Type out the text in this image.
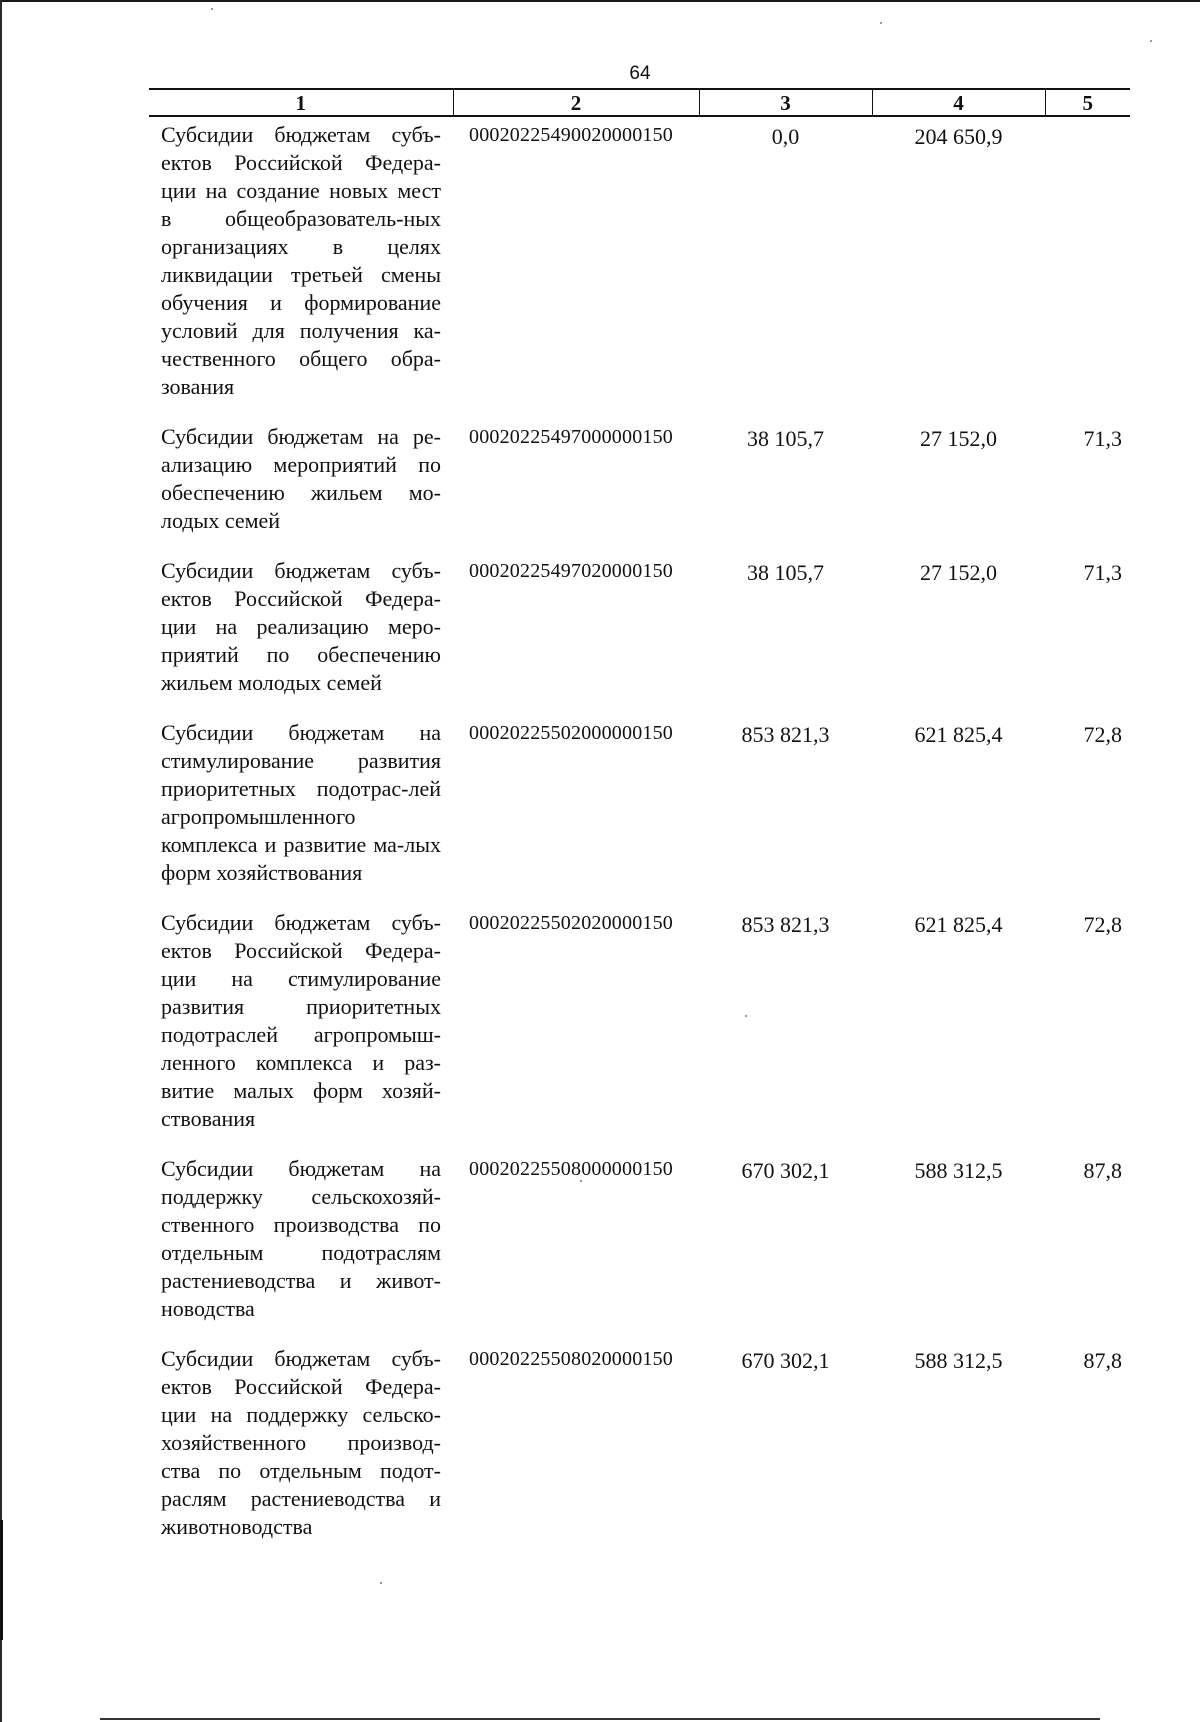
64
1	2	3	4	5
Субсидии бюджетам субъ-ектов Российской Федера-ции на создание новых мест в общеобразователь-ных организациях в целях ликвидации третьей смены обучения и формирование условий для получения ка-чественного общего обра-зования	00020225490020000150	0,0	204 650,9	

Субсидии бюджетам на ре-ализацию мероприятий по обеспечению жильем мо-лодых семей	00020225497000000150	38 105,7	27 152,0	71,3

Субсидии бюджетам субъ-ектов Российской Федера-ции на реализацию меро-приятий по обеспечению жильем молодых семей	00020225497020000150	38 105,7	27 152,0	71,3

Субсидии бюджетам на стимулирование развития приоритетных подотрас-лей агропромышленного комплекса и развитие ма-лых форм хозяйствования	00020225502000000150	853 821,3	621 825,4	72,8

Субсидии бюджетам субъ-ектов Российской Федера-ции на стимулирование развития приоритетных подотраслей агропромыш-ленного комплекса и раз-витие малых форм хозяй-ствования	00020225502020000150	853 821,3	621 825,4	72,8

Субсидии бюджетам на поддержку сельскохозяй-ственного производства по отдельным подотраслям растениеводства и живот-новодства	00020225508000000150	670 302,1	588 312,5	87,8

Субсидии бюджетам субъ-ектов Российской Федера-ции на поддержку сельско-хозяйственного производ-ства по отдельным подот-раслям растениеводства и животноводства	00020225508020000150	670 302,1	588 312,5	87,8
